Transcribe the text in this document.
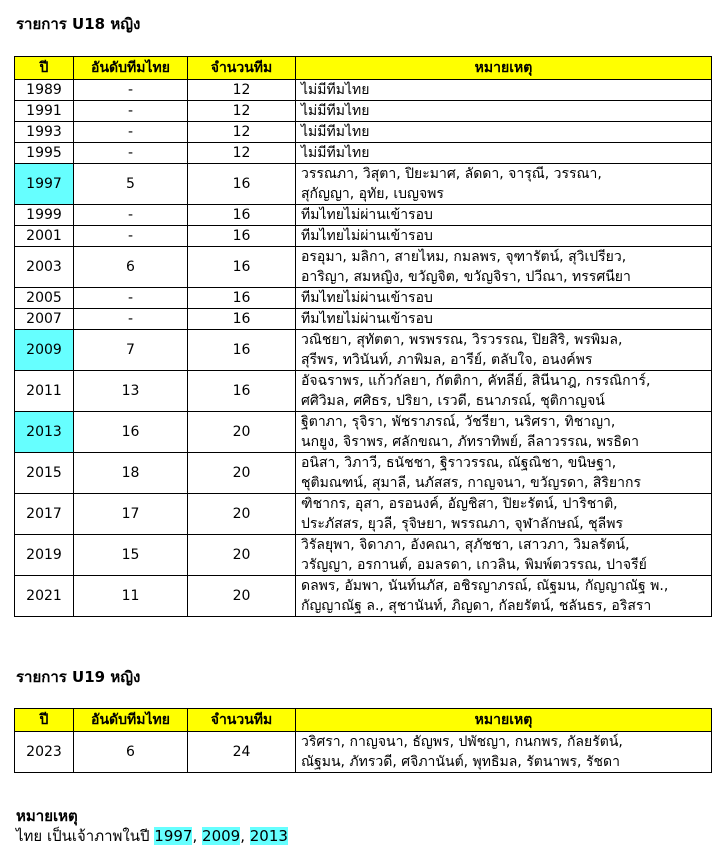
รายการ U18 หญิง
ปี	อันดับทีมไทย	จำนวนทีม	หมายเหตุ
1989	-	12	ไม่มีทีมไทย
1991	-	12	ไม่มีทีมไทย
1993	-	12	ไม่มีทีมไทย
1995	-	12	ไม่มีทีมไทย
1997	5	16	วรรณภา, วิสุตา, ปิยะมาศ, ลัดดา, จารุณี, วรรณา,
สุกัญญา, อุทัย, เบญจพร
1999	-	16	ทีมไทยไม่ผ่านเข้ารอบ
2001	-	16	ทีมไทยไม่ผ่านเข้ารอบ
2003	6	16	อรอุมา, มลิกา, สายไหม, กมลพร, จุฑารัตน์, สุวิเปรียว,
อาริญา, สมหญิง, ขวัญจิต, ขวัญจิรา, ปวีณา, ทรรศนียา
2005	-	16	ทีมไทยไม่ผ่านเข้ารอบ
2007	-	16	ทีมไทยไม่ผ่านเข้ารอบ
2009	7	16	วณิชยา, สุทัตตา, พรพรรณ, วิรวรรณ, ปิยสิริ, พรพิมล,
สุรีพร, ทวินันท์, ภาพิมล, อารีย์, ตลับใจ, อนงค์พร
2011	13	16	อัจฉราพร, แก้วกัลยา, กัตติกา, คัทลีย์, สินีนาฎ, กรรณิการ์,
ศศิวิมล, ศศิธร, ปริยา, เรวดี, ธนาภรณ์, ชุติกาญจน์
2013	16	20	ฐิตาภา, รุจิรา, พัชราภรณ์, วัชรียา, นริศรา, ทิชาญา,
นกยูง, จิราพร, ศลักขณา, ภัทราทิพย์, ลีลาวรรณ, พรธิดา
2015	18	20	อนิสา, วิภาวี, ธนัชชา, ฐิราวรรณ, ณัฐณิชา, ขนิษฐา,
ชุติมณฑน์, สุมาลี, นภัสสร, กาญจนา, ขวัญรดา, สิริยากร
2017	17	20	ฑิชากร, อุสา, อรอนงค์, อัญชิสา, ปิยะรัตน์, ปาริชาติ,
ประภัสสร, ยุวลี, รุจิษยา, พรรณภา, จุฬาลักษณ์, ชุลีพร
2019	15	20	วิรัลยุพา, จิดาภา, อังคณา, สุภัชชา, เสาวภา, วิมลรัตน์,
วรัญญา, อรกานต์, อมลรดา, เกวลิน, พิมพ์ตวรรณ, ปาจรีย์
2021	11	20	ดลพร, อัมพา, นันท์นภัส, อชิรญาภรณ์, ณัฐมน, กัญญาณัฐ พ.,
กัญญาณัฐ ล., สุชานันท์, ภิญดา, กัลยรัตน์, ชลันธร, อริสรา
รายการ U19 หญิง
ปี	อันดับทีมไทย	จำนวนทีม	หมายเหตุ
2023	6	24	วริศรา, กาญจนา, ธัญพร, ปพัชญา, กนกพร, กัลยรัตน์,
ณัฐมน, ภัทรวดี, ศจิภานันต์, พุทธิมล, รัตนาพร, รัชดา

หมายเหตุ

ไทย เป็นเจ้าภาพในปี 1997, 2009, 2013
